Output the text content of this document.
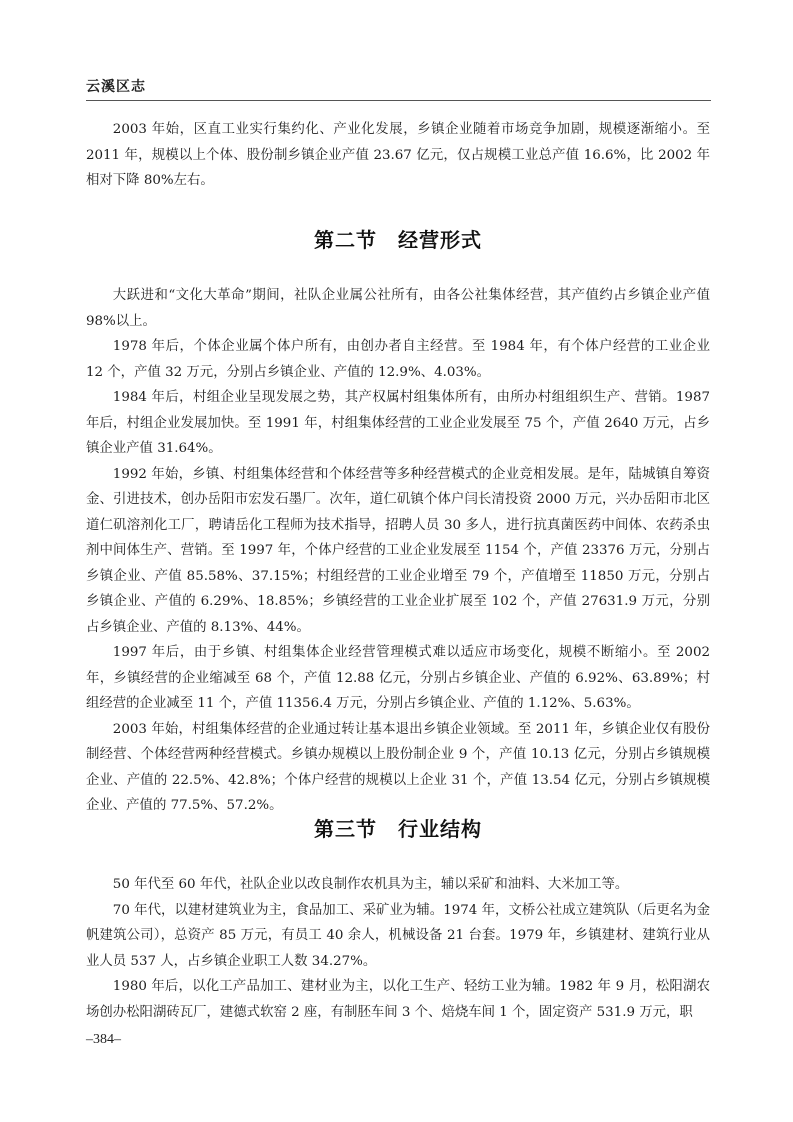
云溪区志

2003 年始，区直工业实行集约化、产业化发展，乡镇企业随着市场竞争加剧，规模逐渐缩小。至 2011 年，规模以上个体、股份制乡镇企业产值 23.67 亿元，仅占规模工业总产值 16.6%，比 2002 年相对下降 80%左右。

第二节　经营形式

大跃进和“文化大革命”期间，社队企业属公社所有，由各公社集体经营，其产值约占乡镇企业产值 98%以上。

1978 年后，个体企业属个体户所有，由创办者自主经营。至 1984 年，有个体户经营的工业企业 12 个，产值 32 万元，分别占乡镇企业、产值的 12.9%、4.03%。

1984 年后，村组企业呈现发展之势，其产权属村组集体所有，由所办村组组织生产、营销。1987 年后，村组企业发展加快。至 1991 年，村组集体经营的工业企业发展至 75 个，产值 2640 万元，占乡镇企业产值 31.64%。

1992 年始，乡镇、村组集体经营和个体经营等多种经营模式的企业竞相发展。是年，陆城镇自筹资金、引进技术，创办岳阳市宏发石墨厂。次年，道仁矶镇个体户闫长清投资 2000 万元，兴办岳阳市北区道仁矶溶剂化工厂，聘请岳化工程师为技术指导，招聘人员 30 多人，进行抗真菌医药中间体、农药杀虫剂中间体生产、营销。至 1997 年，个体户经营的工业企业发展至 1154 个，产值 23376 万元，分别占乡镇企业、产值 85.58%、37.15%；村组经营的工业企业增至 79 个，产值增至 11850 万元，分别占乡镇企业、产值的 6.29%、18.85%；乡镇经营的工业企业扩展至 102 个，产值 27631.9 万元，分别占乡镇企业、产值的 8.13%、44%。

1997 年后，由于乡镇、村组集体企业经营管理模式难以适应市场变化，规模不断缩小。至 2002 年，乡镇经营的企业缩减至 68 个，产值 12.88 亿元，分别占乡镇企业、产值的 6.92%、63.89%；村组经营的企业减至 11 个，产值 11356.4 万元，分别占乡镇企业、产值的 1.12%、5.63%。

2003 年始，村组集体经营的企业通过转让基本退出乡镇企业领域。至 2011 年，乡镇企业仅有股份制经营、个体经营两种经营模式。乡镇办规模以上股份制企业 9 个，产值 10.13 亿元，分别占乡镇规模企业、产值的 22.5%、42.8%；个体户经营的规模以上企业 31 个，产值 13.54 亿元，分别占乡镇规模企业、产值的 77.5%、57.2%。

第三节　行业结构

50 年代至 60 年代，社队企业以改良制作农机具为主，辅以采矿和油料、大米加工等。

70 年代，以建材建筑业为主，食品加工、采矿业为辅。1974 年，文桥公社成立建筑队（后更名为金帆建筑公司），总资产 85 万元，有员工 40 余人，机械设备 21 台套。1979 年，乡镇建材、建筑行业从业人员 537 人，占乡镇企业职工人数 34.27%。

1980 年后，以化工产品加工、建材业为主，以化工生产、轻纺工业为辅。1982 年 9 月，松阳湖农场创办松阳湖砖瓦厂，建德式软窑 2 座，有制胚车间 3 个、焙烧车间 1 个，固定资产 531.9 万元，职

–384–
